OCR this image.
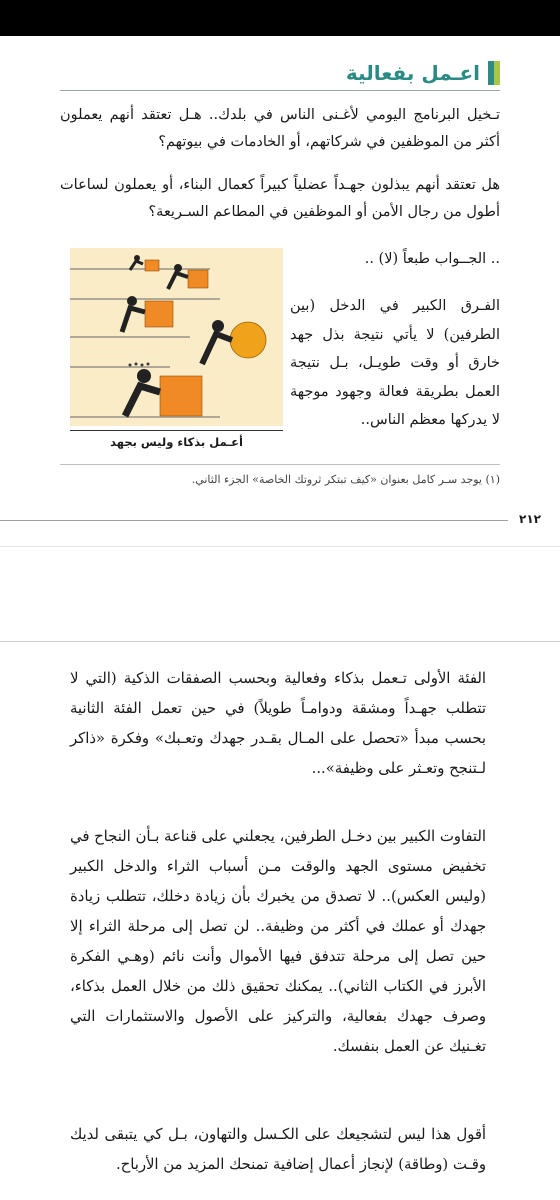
اعـمل بفعالية

تـخيل البرنامج اليومي لأغـنى الناس في بلدك.. هـل تعتقد أنهم يعملون أكثر من الموظفين في شركاتهم، أو الخادمات في بيوتهم؟

هل تعتقد أنهم يبذلون جهـداً عضلياً كبيراً كعمال البناء، أو يعملون لساعات أطول من رجال الأمن أو الموظفين في المطاعم السـريعة؟

.. الجــواب طبعاً (لا) ..

الفـرق الكبير في الدخل (بين الطرفين) لا يأتي نتيجة بذل جهد خارق أو وقت طويـل، بـل نتيجة العمل بطريقة فعالة وجهود موجهة لا يدركها معظم الناس..

أعـمل بذكاء وليس بجهد
(١) يوجد سـر كامل بعنوان «كيف تبتكر ثروتك الخاصة» الجزء الثاني.
٢١٢

الفئة الأولى تـعمل بذكاء وفعالية وبحسب الصفقات الذكية (التي لا تتطلب جهـداً ومشقة ودوامـاً طويلاً) في حين تعمل الفئة الثانية بحسب مبدأ «تحصل على المـال بقـدر جهدك وتعـبك» وفكرة «ذاكر لـتنجح وتعـثر على وظيفة»...

التفاوت الكبير بين دخـل الطرفين، يجعلني على قناعة بـأن النجاح في تخفيض مستوى الجهد والوقت مـن أسباب الثراء والدخل الكبير (وليس العكس).. لا تصدق من يخبرك بأن زيادة دخلك، تتطلب زيادة جهدك أو عملك في أكثر من وظيفة.. لن تصل إلى مرحلة الثراء إلا حين تصل إلى مرحلة تتدفق فيها الأموال وأنت نائم (وهـي الفكرة الأبرز في الكتاب الثاني).. يمكنك تحقيق ذلك من خلال العمل بذكاء، وصرف جهدك بفعالية، والتركيز على الأصول والاستثمارات التي تغـنيك عن العمل بنفسك.

أقول هذا ليس لتشجيعك على الكـسل والتهاون، بـل كي يتبقى لديك وقـت (وطاقة) لإنجاز أعمال إضافية تمنحك المزيد من الأرباح.
